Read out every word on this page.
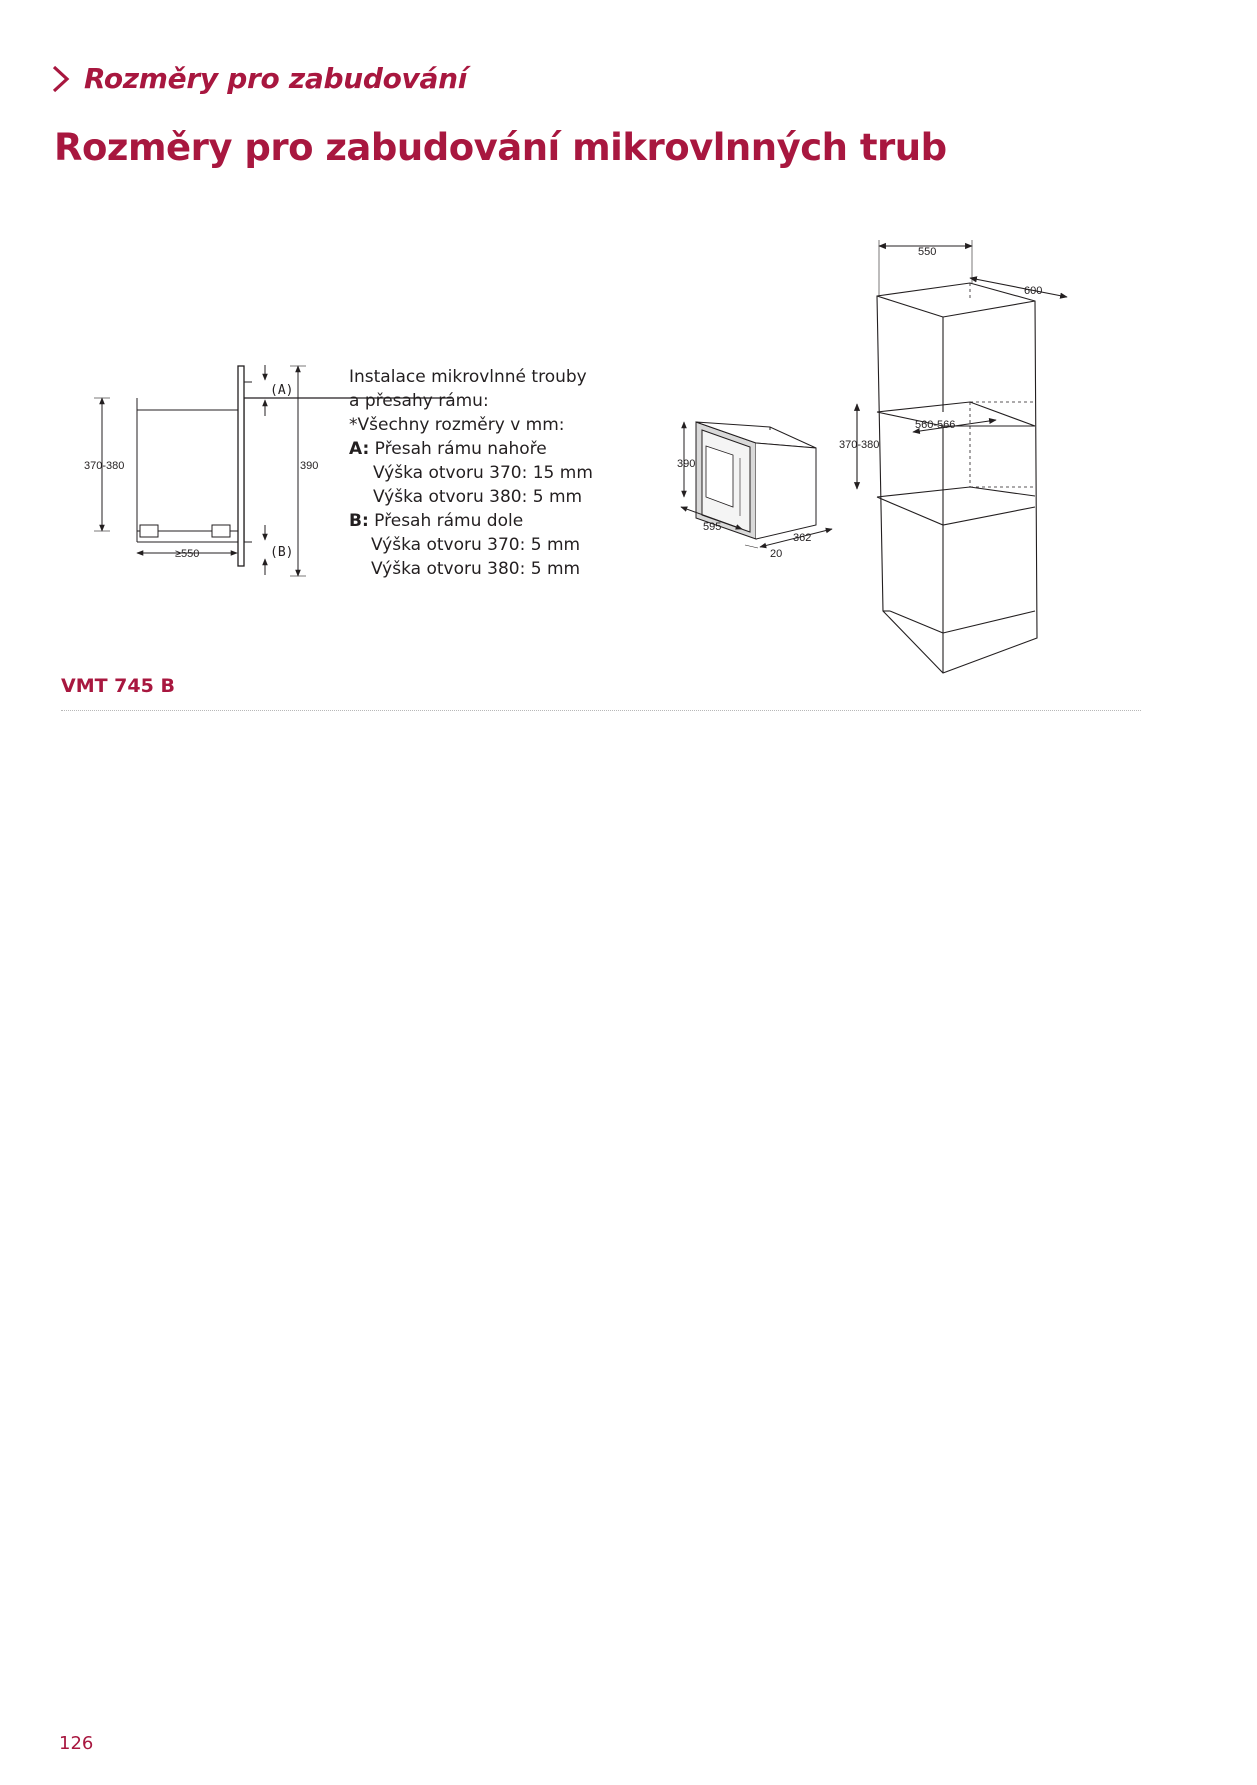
Rozměry pro zabudování
Rozměry pro zabudování mikrovlnných trub
370-380	390
≥550
(A)
(B)
390
595
362
20
550
600
370-380
560-566
Instalace mikrovlnné trouby
a přesahy rámu:
*Všechny rozměry v mm:
A: Přesah rámu nahoře
Výška otvoru 370: 15 mm
Výška otvoru 380: 5 mm
B: Přesah rámu dole
Výška otvoru 370: 5 mm
Výška otvoru 380: 5 mm
VMT 745 B
126
